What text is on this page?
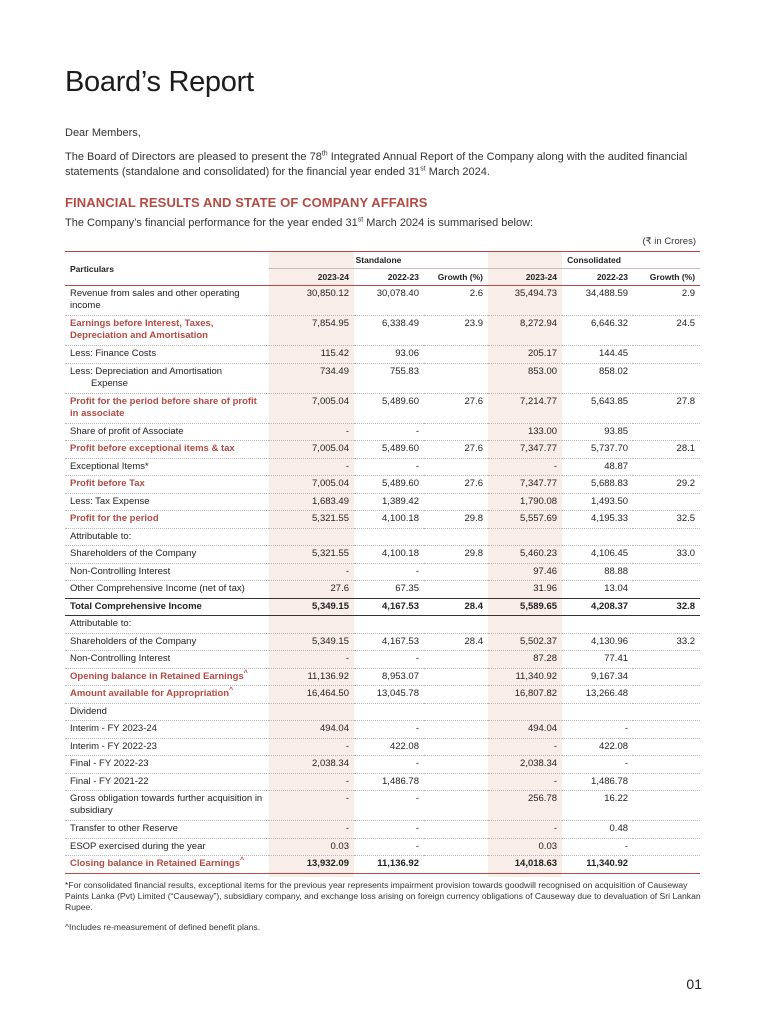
Board’s Report

Dear Members,

The Board of Directors are pleased to present the 78th Integrated Annual Report of the Company along with the audited financial statements (standalone and consolidated) for the financial year ended 31st March 2024.

FINANCIAL RESULTS AND STATE OF COMPANY AFFAIRS

The Company’s financial performance for the year ended 31st March 2024 is summarised below:

(₹ in Crores)
Particulars	Standalone			Consolidated		
	2023-24	2022-23	Growth (%)	2023-24	2022-23	Growth (%)
Revenue from sales and other operating income	30,850.12	30,078.40	2.6	35,494.73	34,488.59	2.9
Earnings before Interest, Taxes, Depreciation and Amortisation	7,854.95	6,338.49	23.9	8,272.94	6,646.32	24.5
Less: Finance Costs	115.42	93.06		205.17	144.45	
Less: Depreciation and Amortisation
Expense	734.49	755.83		853.00	858.02	
Profit for the period before share of profit in associate	7,005.04	5,489.60	27.6	7,214.77	5,643.85	27.8
Share of profit of Associate	-	-		133.00	93.85	
Profit before exceptional items & tax	7,005.04	5,489.60	27.6	7,347.77	5,737.70	28.1
Exceptional Items*	-	-		-	48.87	
Profit before Tax	7,005.04	5,489.60	27.6	7,347.77	5,688.83	29.2
Less: Tax Expense	1,683.49	1,389.42		1,790.08	1,493.50	
Profit for the period	5,321.55	4,100.18	29.8	5,557.69	4,195.33	32.5
Attributable to:						
Shareholders of the Company	5,321.55	4,100.18	29.8	5,460.23	4,106.45	33.0
Non-Controlling Interest	-	-		97.46	88.88	
Other Comprehensive Income (net of tax)	27.6	67.35		31.96	13.04	
Total Comprehensive Income	5,349.15	4,167.53	28.4	5,589.65	4,208.37	32.8
Attributable to:						
Shareholders of the Company	5,349.15	4,167.53	28.4	5,502.37	4,130.96	33.2
Non-Controlling Interest	-	-		87.28	77.41	
Opening balance in Retained Earnings^	11,136.92	8,953.07		11,340.92	9,167.34	
Amount available for Appropriation^	16,464.50	13,045.78		16,807.82	13,266.48	
Dividend						
Interim - FY 2023-24	494.04	-		494.04	-	
Interim - FY 2022-23	-	422.08		-	422.08	
Final - FY 2022-23	2,038.34	-		2,038.34	-	
Final - FY 2021-22	-	1,486.78		-	1,486.78	
Gross obligation towards further acquisition in subsidiary	-	-		256.78	16.22	
Transfer to other Reserve	-	-		-	0.48	
ESOP exercised during the year	0.03	-		0.03	-	
Closing balance in Retained Earnings^	13,932.09	11,136.92		14,018.63	11,340.92	

*For consolidated financial results, exceptional items for the previous year represents impairment provision towards goodwill recognised on acquisition of Causeway Paints Lanka (Pvt) Limited (“Causeway”), subsidiary company, and exchange loss arising on foreign currency obligations of Causeway due to devaluation of Sri Lankan Rupee.

^Includes re-measurement of defined benefit plans.

01
